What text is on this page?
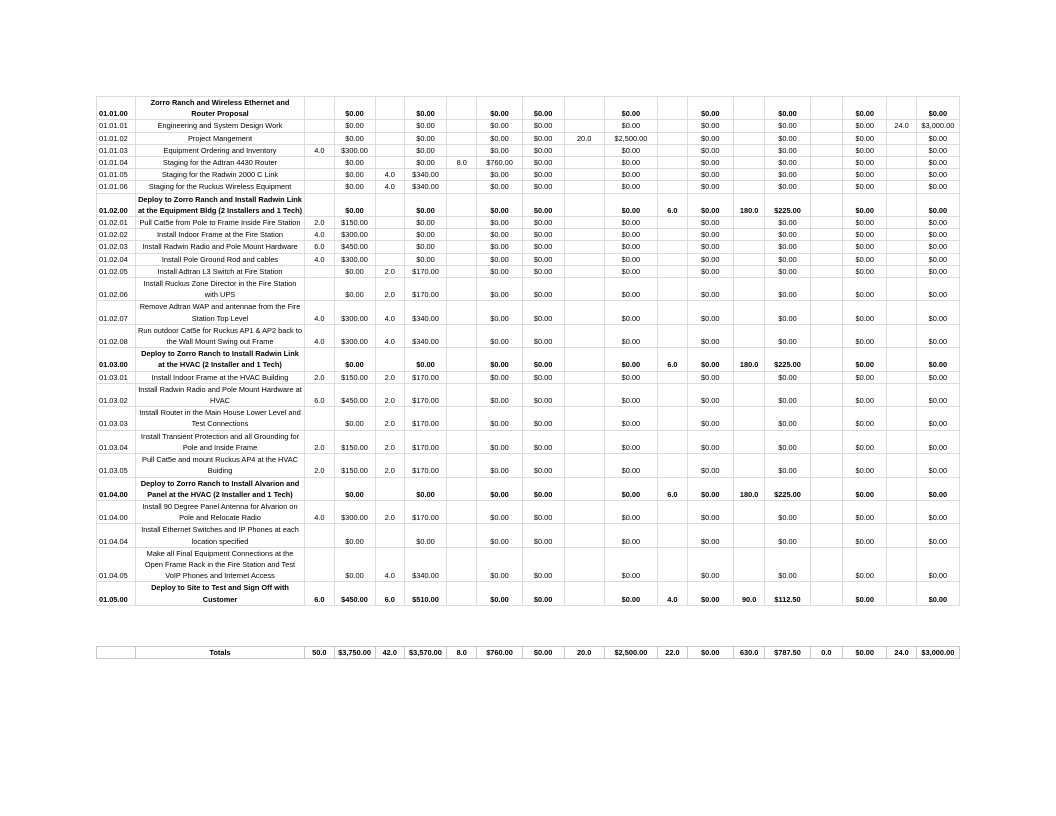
01.01.00	Zorro Ranch and Wireless Ethernet and Router Proposal		$0.00		$0.00		$0.00	$0.00		$0.00		$0.00		$0.00		$0.00		$0.00
01.01.01	Engineering and System Design Work		$0.00		$0.00		$0.00	$0.00		$0.00		$0.00		$0.00		$0.00	24.0	$3,000.00
01.01.02	Project Mangement		$0.00		$0.00		$0.00	$0.00	20.0	$2,500.00		$0.00		$0.00		$0.00		$0.00
01.01.03	Equipment Ordering and Inventory	4.0	$300.00		$0.00		$0.00	$0.00		$0.00		$0.00		$0.00		$0.00		$0.00
01.01.04	Staging for the Adtran 4430 Router		$0.00		$0.00	8.0	$760.00	$0.00		$0.00		$0.00		$0.00		$0.00		$0.00
01.01.05	Staging for the Radwin 2000 C Link		$0.00	4.0	$340.00		$0.00	$0.00		$0.00		$0.00		$0.00		$0.00		$0.00
01.01.06	Staging for the Ruckus Wireless Equipment		$0.00	4.0	$340.00		$0.00	$0.00		$0.00		$0.00		$0.00		$0.00		$0.00
01.02.00	Deploy to Zorro Ranch and Install Radwin Link at the Equipment Bldg (2 Installers and 1 Tech)		$0.00		$0.00		$0.00	$0.00		$0.00	6.0	$0.00	180.0	$225.00		$0.00		$0.00
01.02.01	Pull Cat5e from Pole to Frame Inside Fire Station	2.0	$150.00		$0.00		$0.00	$0.00		$0.00		$0.00		$0.00		$0.00		$0.00
01.02.02	Install Indoor Frame at the Fire Station	4.0	$300.00		$0.00		$0.00	$0.00		$0.00		$0.00		$0.00		$0.00		$0.00
01.02.03	Install Radwin Radio and Pole Mount Hardware	6.0	$450.00		$0.00		$0.00	$0.00		$0.00		$0.00		$0.00		$0.00		$0.00
01.02.04	Install Pole Ground Rod and cables	4.0	$300.00		$0.00		$0.00	$0.00		$0.00		$0.00		$0.00		$0.00		$0.00
01.02.05	Install Adtran L3 Switch at Fire Station		$0.00	2.0	$170.00		$0.00	$0.00		$0.00		$0.00		$0.00		$0.00		$0.00
01.02.06	Install Ruckus Zone Director in the Fire Station with UPS		$0.00	2.0	$170.00		$0.00	$0.00		$0.00		$0.00		$0.00		$0.00		$0.00
01.02.07	Remove Adtran WAP and antennae from the Fire Station Top Level	4.0	$300.00	4.0	$340.00		$0.00	$0.00		$0.00		$0.00		$0.00		$0.00		$0.00
01.02.08	Run outdoor Cat5e for Ruckus AP1 & AP2 back to the Wall Mount Swing out Frame	4.0	$300.00	4.0	$340.00		$0.00	$0.00		$0.00		$0.00		$0.00		$0.00		$0.00
01.03.00	Deploy to Zorro Ranch to Install Radwin Link at the HVAC (2 Installer and 1 Tech)		$0.00		$0.00		$0.00	$0.00		$0.00	6.0	$0.00	180.0	$225.00		$0.00		$0.00
01.03.01	Install Indoor Frame at the HVAC Building	2.0	$150.00	2.0	$170.00		$0.00	$0.00		$0.00		$0.00		$0.00		$0.00		$0.00
01.03.02	Install Radwin Radio and Pole Mount Hardware at HVAC	6.0	$450.00	2.0	$170.00		$0.00	$0.00		$0.00		$0.00		$0.00		$0.00		$0.00
01.03.03	Install Router in the Main House Lower Level and Test Connections		$0.00	2.0	$170.00		$0.00	$0.00		$0.00		$0.00		$0.00		$0.00		$0.00
01.03.04	Install Transient Protection and all Grounding for Pole and Inside Frame	2.0	$150.00	2.0	$170.00		$0.00	$0.00		$0.00		$0.00		$0.00		$0.00		$0.00
01.03.05	Pull Cat5e and mount Ruckus AP4 at the HVAC Buiding	2.0	$150.00	2.0	$170.00		$0.00	$0.00		$0.00		$0.00		$0.00		$0.00		$0.00
01.04.00	Deploy to Zorro Ranch to Install Alvarion and Panel at the HVAC (2 Installer and 1 Tech)		$0.00		$0.00		$0.00	$0.00		$0.00	6.0	$0.00	180.0	$225.00		$0.00		$0.00
01.04.00	Install 90 Degree Panel Antenna for Alvarion on Pole and Relocate Radio	4.0	$300.00	2.0	$170.00		$0.00	$0.00		$0.00		$0.00		$0.00		$0.00		$0.00
01.04.04	Install Ethernet Switches and IP Phones at each location specified		$0.00		$0.00		$0.00	$0.00		$0.00		$0.00		$0.00		$0.00		$0.00
01.04.05	Make all Final Equipment Connections at the Open Frame Rack in the Fire Station and Test VoIP Phones and Internet Access		$0.00	4.0	$340.00		$0.00	$0.00		$0.00		$0.00		$0.00		$0.00		$0.00
01.05.00	Deploy to Site to Test and Sign Off with Customer	6.0	$450.00	6.0	$510.00		$0.00	$0.00		$0.00	4.0	$0.00	90.0	$112.50		$0.00		$0.00
	Totals	50.0	$3,750.00	42.0	$3,570.00	8.0	$760.00	$0.00	20.0	$2,500.00	22.0	$0.00	630.0	$787.50	0.0	$0.00	24.0	$3,000.00
